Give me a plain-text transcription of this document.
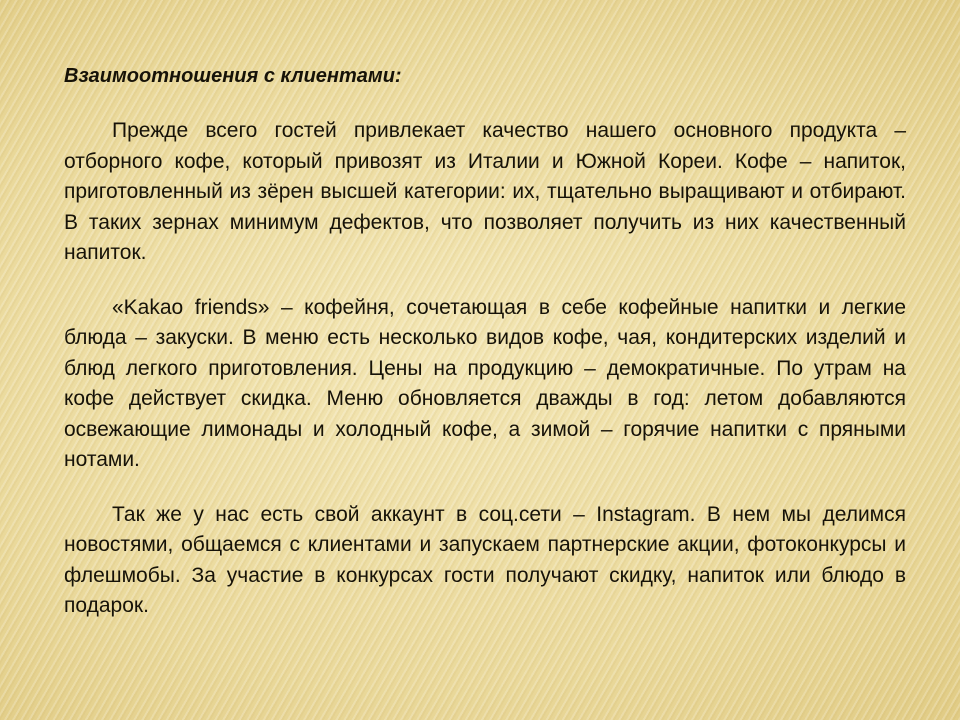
Взаимоотношения с клиентами:

Прежде всего гостей привлекает качество нашего основного продукта – отборного кофе, который привозят из Италии и Южной Кореи. Кофе – напиток, приготовленный из зёрен высшей категории: их, тщательно выращивают и отбирают. В таких зернах минимум дефектов, что позволяет получить из них качественный напиток.

«Kakao friends» – кофейня, сочетающая в себе кофейные напитки и легкие блюда – закуски. В меню есть несколько видов кофе, чая, кондитерских изделий и блюд легкого приготовления. Цены на продукцию – демократичные. По утрам на кофе действует скидка. Меню обновляется дважды в год: летом добавляются освежающие лимонады и холодный кофе, а зимой – горячие напитки с пряными нотами.

Так же у нас есть свой аккаунт в соц.сети – Instagram. В нем мы делимся новостями, общаемся с клиентами и запускаем партнерские акции, фотоконкурсы и флешмобы. За участие в конкурсах гости получают скидку, напиток или блюдо в подарок.
